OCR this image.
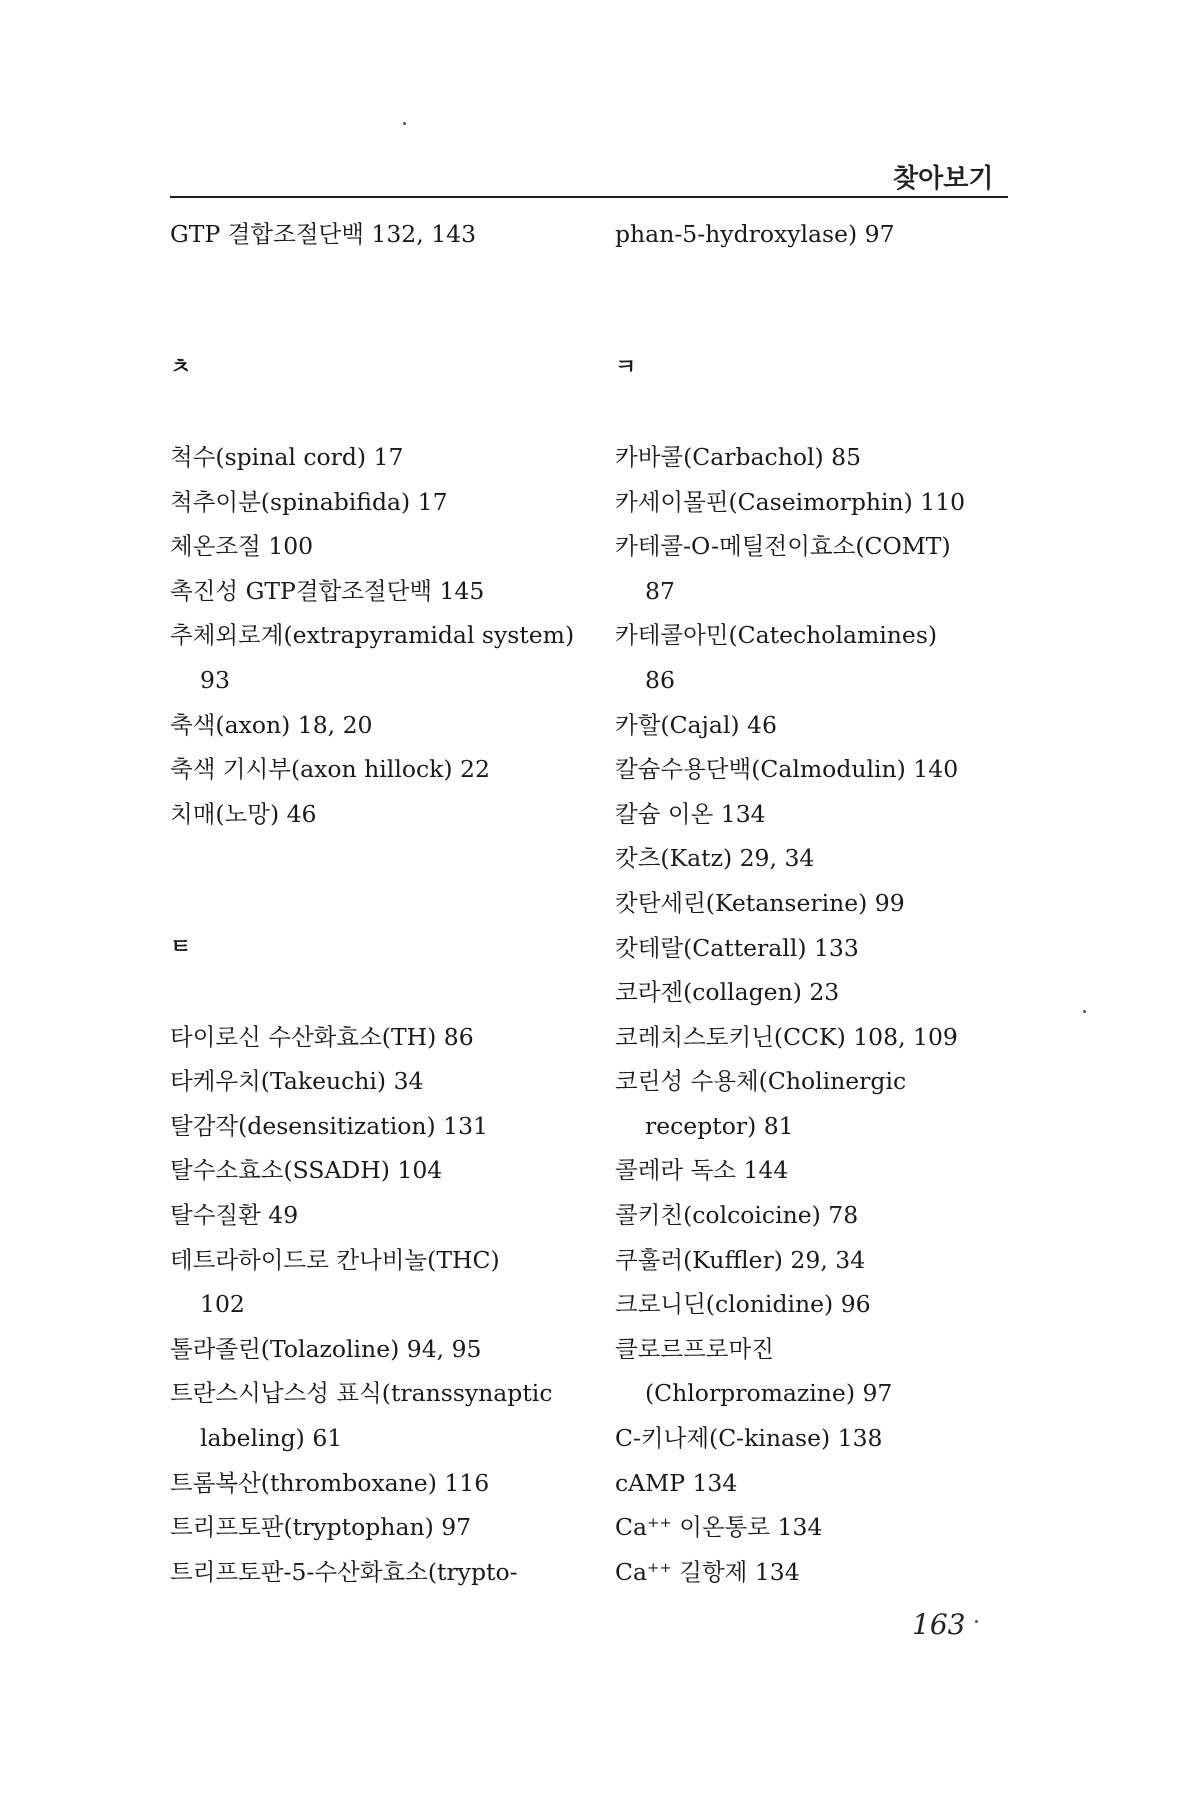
찾아보기
GTP 결합조절단백 132, 143
ㅊ
척수(spinal cord) 17
척추이분(spinabifida) 17
체온조절 100
촉진성 GTP결합조절단백 145
추체외로계(extrapyramidal system)
93
축색(axon) 18, 20
축색 기시부(axon hillock) 22
치매(노망) 46
ㅌ
타이로신 수산화효소(TH) 86
타케우치(Takeuchi) 34
탈감작(desensitization) 131
탈수소효소(SSADH) 104
탈수질환 49
테트라하이드로 칸나비놀(THC)
102
톨라졸린(Tolazoline) 94, 95
트란스시납스성 표식(transsynaptic
labeling) 61
트롬복산(thromboxane) 116
트리프토판(tryptophan) 97
트리프토판-5-수산화효소(trypto-
phan-5-hydroxylase) 97
ㅋ
카바콜(Carbachol) 85
카세이몰핀(Caseimorphin) 110
카테콜-O-메틸전이효소(COMT)
87
카테콜아민(Catecholamines)
86
카할(Cajal) 46
칼슘수용단백(Calmodulin) 140
칼슘 이온 134
캇츠(Katz) 29, 34
캇탄세린(Ketanserine) 99
캇테랄(Catterall) 133
코라젠(collagen) 23
코레치스토키닌(CCK) 108, 109
코린성 수용체(Cholinergic
receptor) 81
콜레라 독소 144
콜키친(colcoicine) 78
쿠훌러(Kuffler) 29, 34
크로니딘(clonidine) 96
클로르프로마진
(Chlorpromazine) 97
C-키나제(C-kinase) 138
cAMP 134
Ca⁺⁺ 이온통로 134
Ca⁺⁺ 길항제 134
163
